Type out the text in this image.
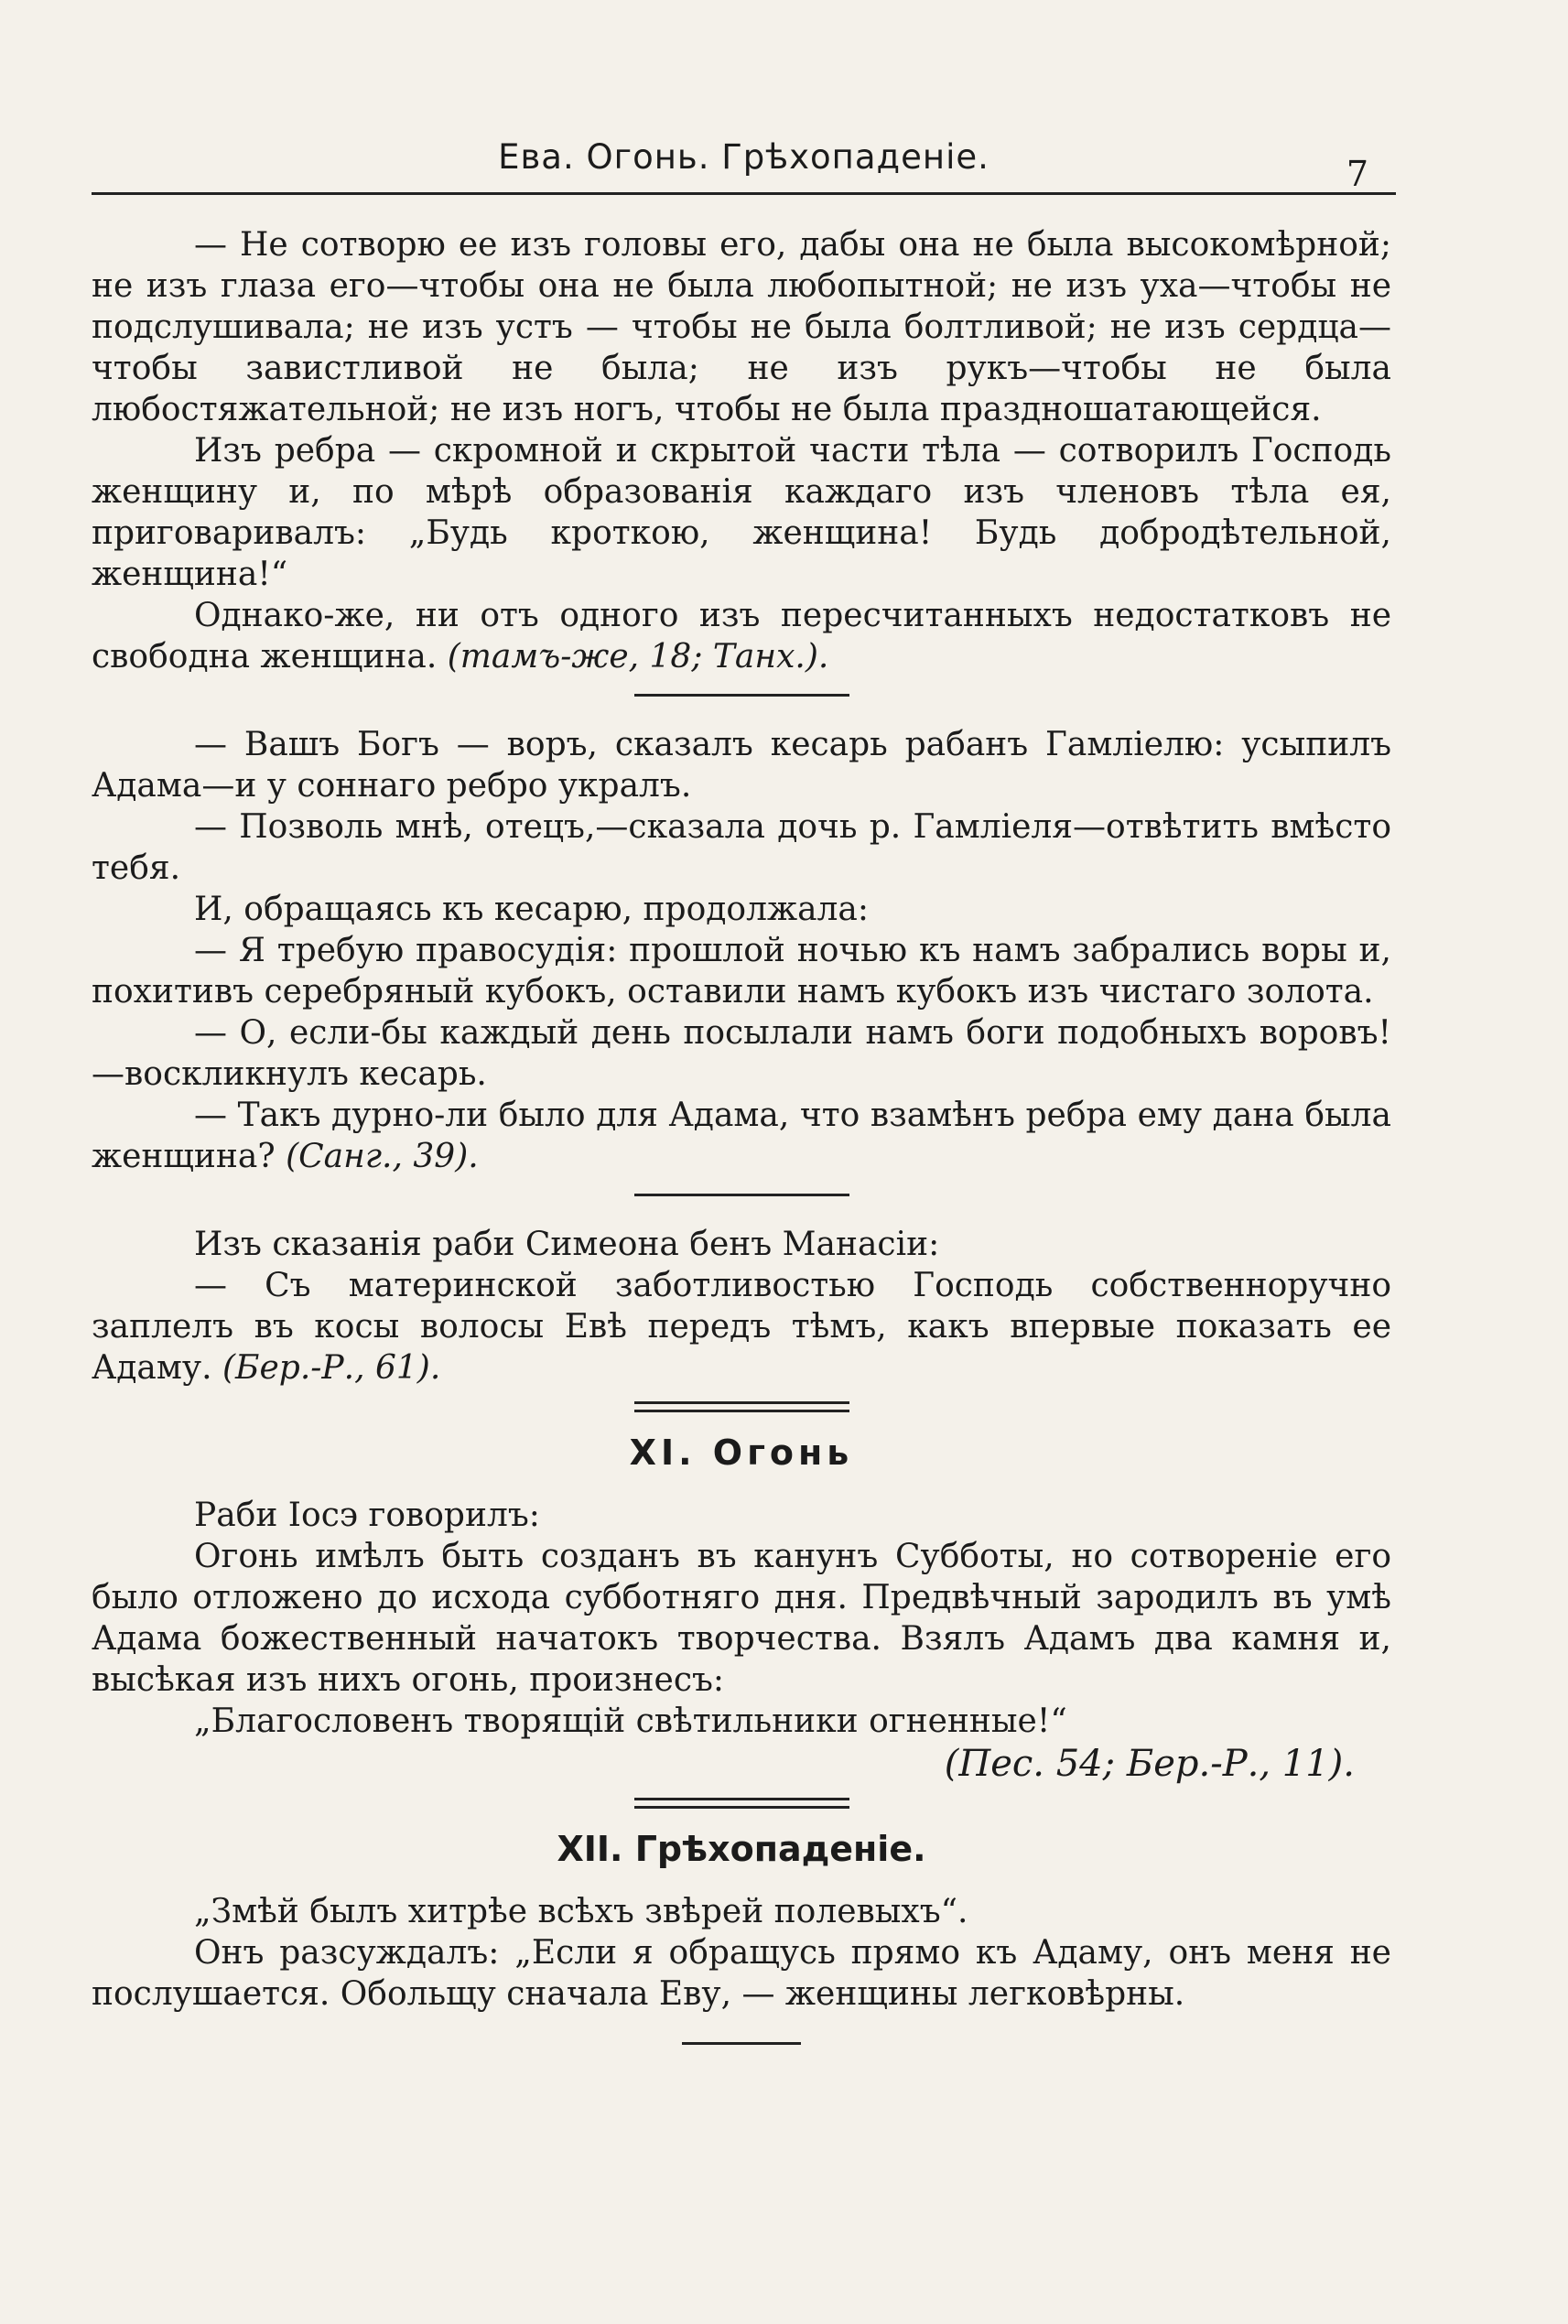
Ева. Огонь. Грѣхопаденіе.	7

— Не сотворю ее изъ головы его, дабы она не была высокомѣрной; не изъ глаза его—чтобы она не была любопытной; не изъ уха—чтобы не подслушивала; не изъ устъ — чтобы не была болтливой; не изъ сердца—чтобы завистливой не была; не изъ рукъ—чтобы не была любостяжательной; не изъ ногъ, чтобы не была праздношатающейся.

Изъ ребра — скромной и скрытой части тѣла — сотворилъ Господь женщину и, по мѣрѣ образованія каждаго изъ членовъ тѣла ея, приговаривалъ: „Будь кроткою, женщина! Будь добродѣтельной, женщина!“

Однако-же, ни отъ одного изъ пересчитанныхъ недостатковъ не свободна женщина. (тамъ-же, 18; Танх.).

— Вашъ Богъ — воръ, сказалъ кесарь рабанъ Гамліелю: усыпилъ Адама—и у соннаго ребро укралъ.

— Позволь мнѣ, отецъ,—сказала дочь р. Гамліеля—отвѣтить вмѣсто тебя.

И, обращаясь къ кесарю, продолжала:

— Я требую правосудія: прошлой ночью къ намъ забрались воры и, похитивъ серебряный кубокъ, оставили намъ кубокъ изъ чистаго золота.

— О, если-бы каждый день посылали намъ боги подобныхъ воровъ!—воскликнулъ кесарь.

— Такъ дурно-ли было для Адама, что взамѣнъ ребра ему дана была женщина? (Санг., 39).

Изъ сказанія раби Симеона бенъ Манасіи:

— Съ материнской заботливостью Господь собственноручно заплелъ въ косы волосы Евѣ передъ тѣмъ, какъ впервые показать ее Адаму. (Бер.-Р., 61).

XI. Огонь

Раби Іосэ говорилъ:

Огонь имѣлъ быть созданъ въ канунъ Субботы, но сотвореніе его было отложено до исхода субботняго дня. Предвѣчный зародилъ въ умѣ Адама божественный начатокъ творчества. Взялъ Адамъ два камня и, высѣкая изъ нихъ огонь, произнесъ:

„Благословенъ творящій свѣтильники огненные!“

(Пес. 54; Бер.-Р., 11).
XII. Грѣхопаденіе.

„Змѣй былъ хитрѣе всѣхъ звѣрей полевыхъ“.

Онъ разсуждалъ: „Если я обращусь прямо къ Адаму, онъ меня не послушается. Обольщу сначала Еву, — женщины легковѣрны.
